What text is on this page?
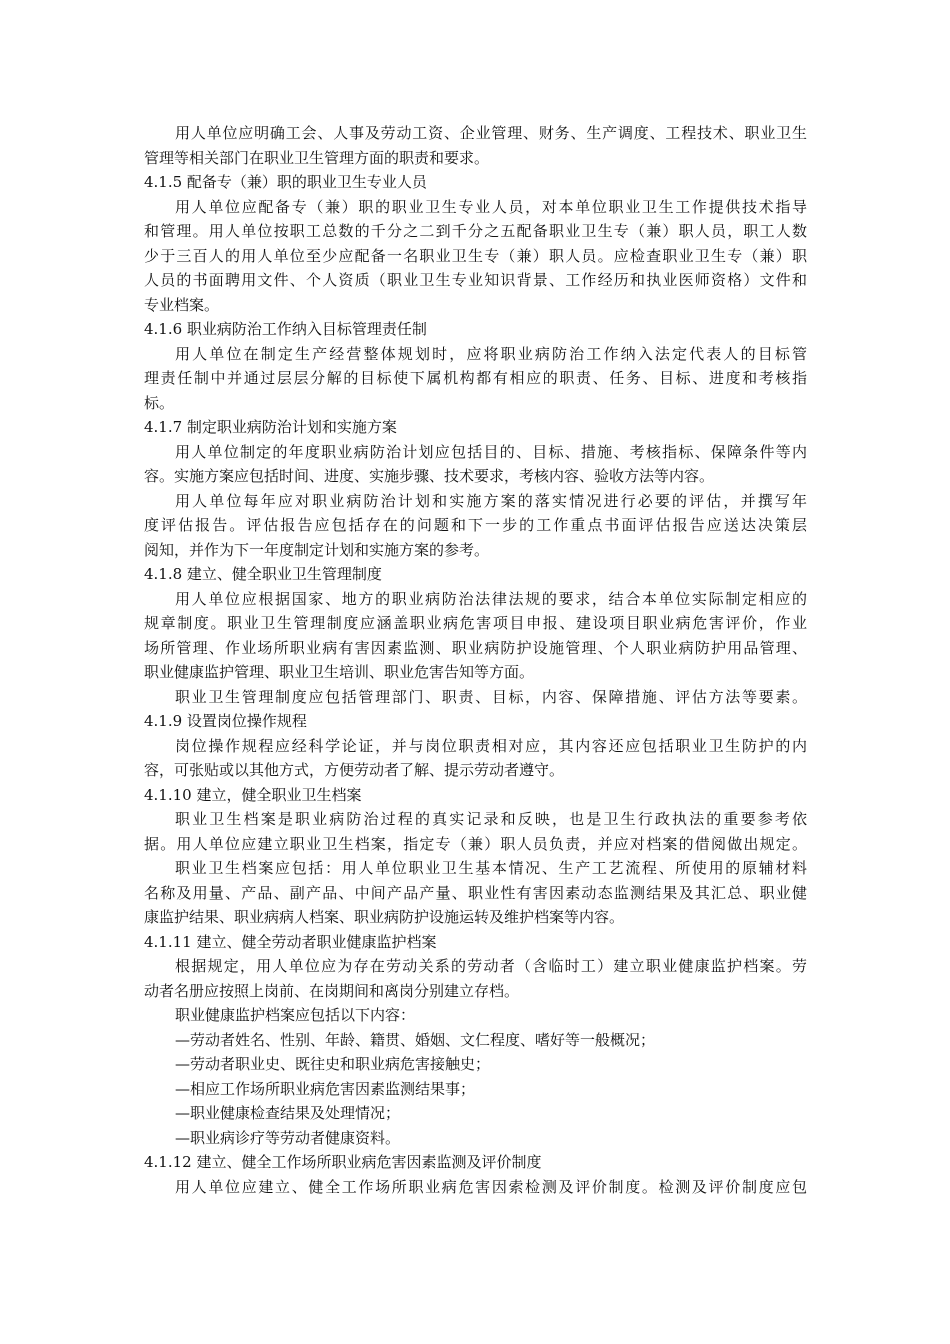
用人单位应明确工会、人事及劳动工资、企业管理、财务、生产调度、工程技术、职业卫生
管理等相关部门在职业卫生管理方面的职责和要求。
4.1.5 配备专（兼）职的职业卫生专业人员
用人单位应配备专（兼）职的职业卫生专业人员，对本单位职业卫生工作提供技术指导
和管理。用人单位按职工总数的千分之二到千分之五配备职业卫生专（兼）职人员，职工人数
少于三百人的用人单位至少应配备一名职业卫生专（兼）职人员。应检查职业卫生专（兼）职
人员的书面聘用文件、个人资质（职业卫生专业知识背景、工作经历和执业医师资格）文件和
专业档案。
4.1.6 职业病防治工作纳入目标管理责任制
用人单位在制定生产经营整体规划时，应将职业病防治工作纳入法定代表人的目标管
理责任制中并通过层层分解的目标使下属机构都有相应的职责、任务、目标、进度和考核指
标。
4.1.7 制定职业病防治计划和实施方案
用人单位制定的年度职业病防治计划应包括目的、目标、措施、考核指标、保障条件等内
容。实施方案应包括时间、进度、实施步骤、技术要求，考核内容、验收方法等内容。
用人单位每年应对职业病防治计划和实施方案的落实情况进行必要的评估，并撰写年
度评估报告。评估报告应包括存在的问题和下一步的工作重点书面评估报告应送达决策层
阅知，并作为下一年度制定计划和实施方案的参考。
4.1.8 建立、健全职业卫生管理制度
用人单位应根据国家、地方的职业病防治法律法规的要求，结合本单位实际制定相应的
规章制度。职业卫生管理制度应涵盖职业病危害项目申报、建设项目职业病危害评价，作业
场所管理、作业场所职业病有害因素监测、职业病防护设施管理、个人职业病防护用品管理、
职业健康监护管理、职业卫生培训、职业危害告知等方面。
职业卫生管理制度应包括管理部门、职责、目标，内容、保障措施、评估方法等要素。
4.1.9 设置岗位操作规程
岗位操作规程应经科学论证，并与岗位职责相对应，其内容还应包括职业卫生防护的内
容，可张贴或以其他方式，方便劳动者了解、提示劳动者遵守。
4.1.10 建立，健全职业卫生档案
职业卫生档案是职业病防治过程的真实记录和反映，也是卫生行政执法的重要参考依
据。用人单位应建立职业卫生档案，指定专（兼）职人员负责，并应对档案的借阅做出规定。
职业卫生档案应包括：用人单位职业卫生基本情况、生产工艺流程、所使用的原辅材料
名称及用量、产品、副产品、中间产品产量、职业性有害因素动态监测结果及其汇总、职业健
康监护结果、职业病病人档案、职业病防护设施运转及维护档案等内容。
4.1.11 建立、健全劳动者职业健康监护档案
根据规定，用人单位应为存在劳动关系的劳动者（含临时工）建立职业健康监护档案。劳
动者名册应按照上岗前、在岗期间和离岗分别建立存档。
职业健康监护档案应包括以下内容：
—劳动者姓名、性别、年龄、籍贯、婚姻、文仁程度、嗜好等一般概况；
—劳动者职业史、既往史和职业病危害接触史；
—相应工作场所职业病危害因素监测结果事；
—职业健康检查结果及处理情况；
—职业病诊疗等劳动者健康资料。
4.1.12 建立、健全工作场所职业病危害因素监测及评价制度
用人单位应建立、健全工作场所职业病危害因索检测及评价制度。检测及评价制度应包
